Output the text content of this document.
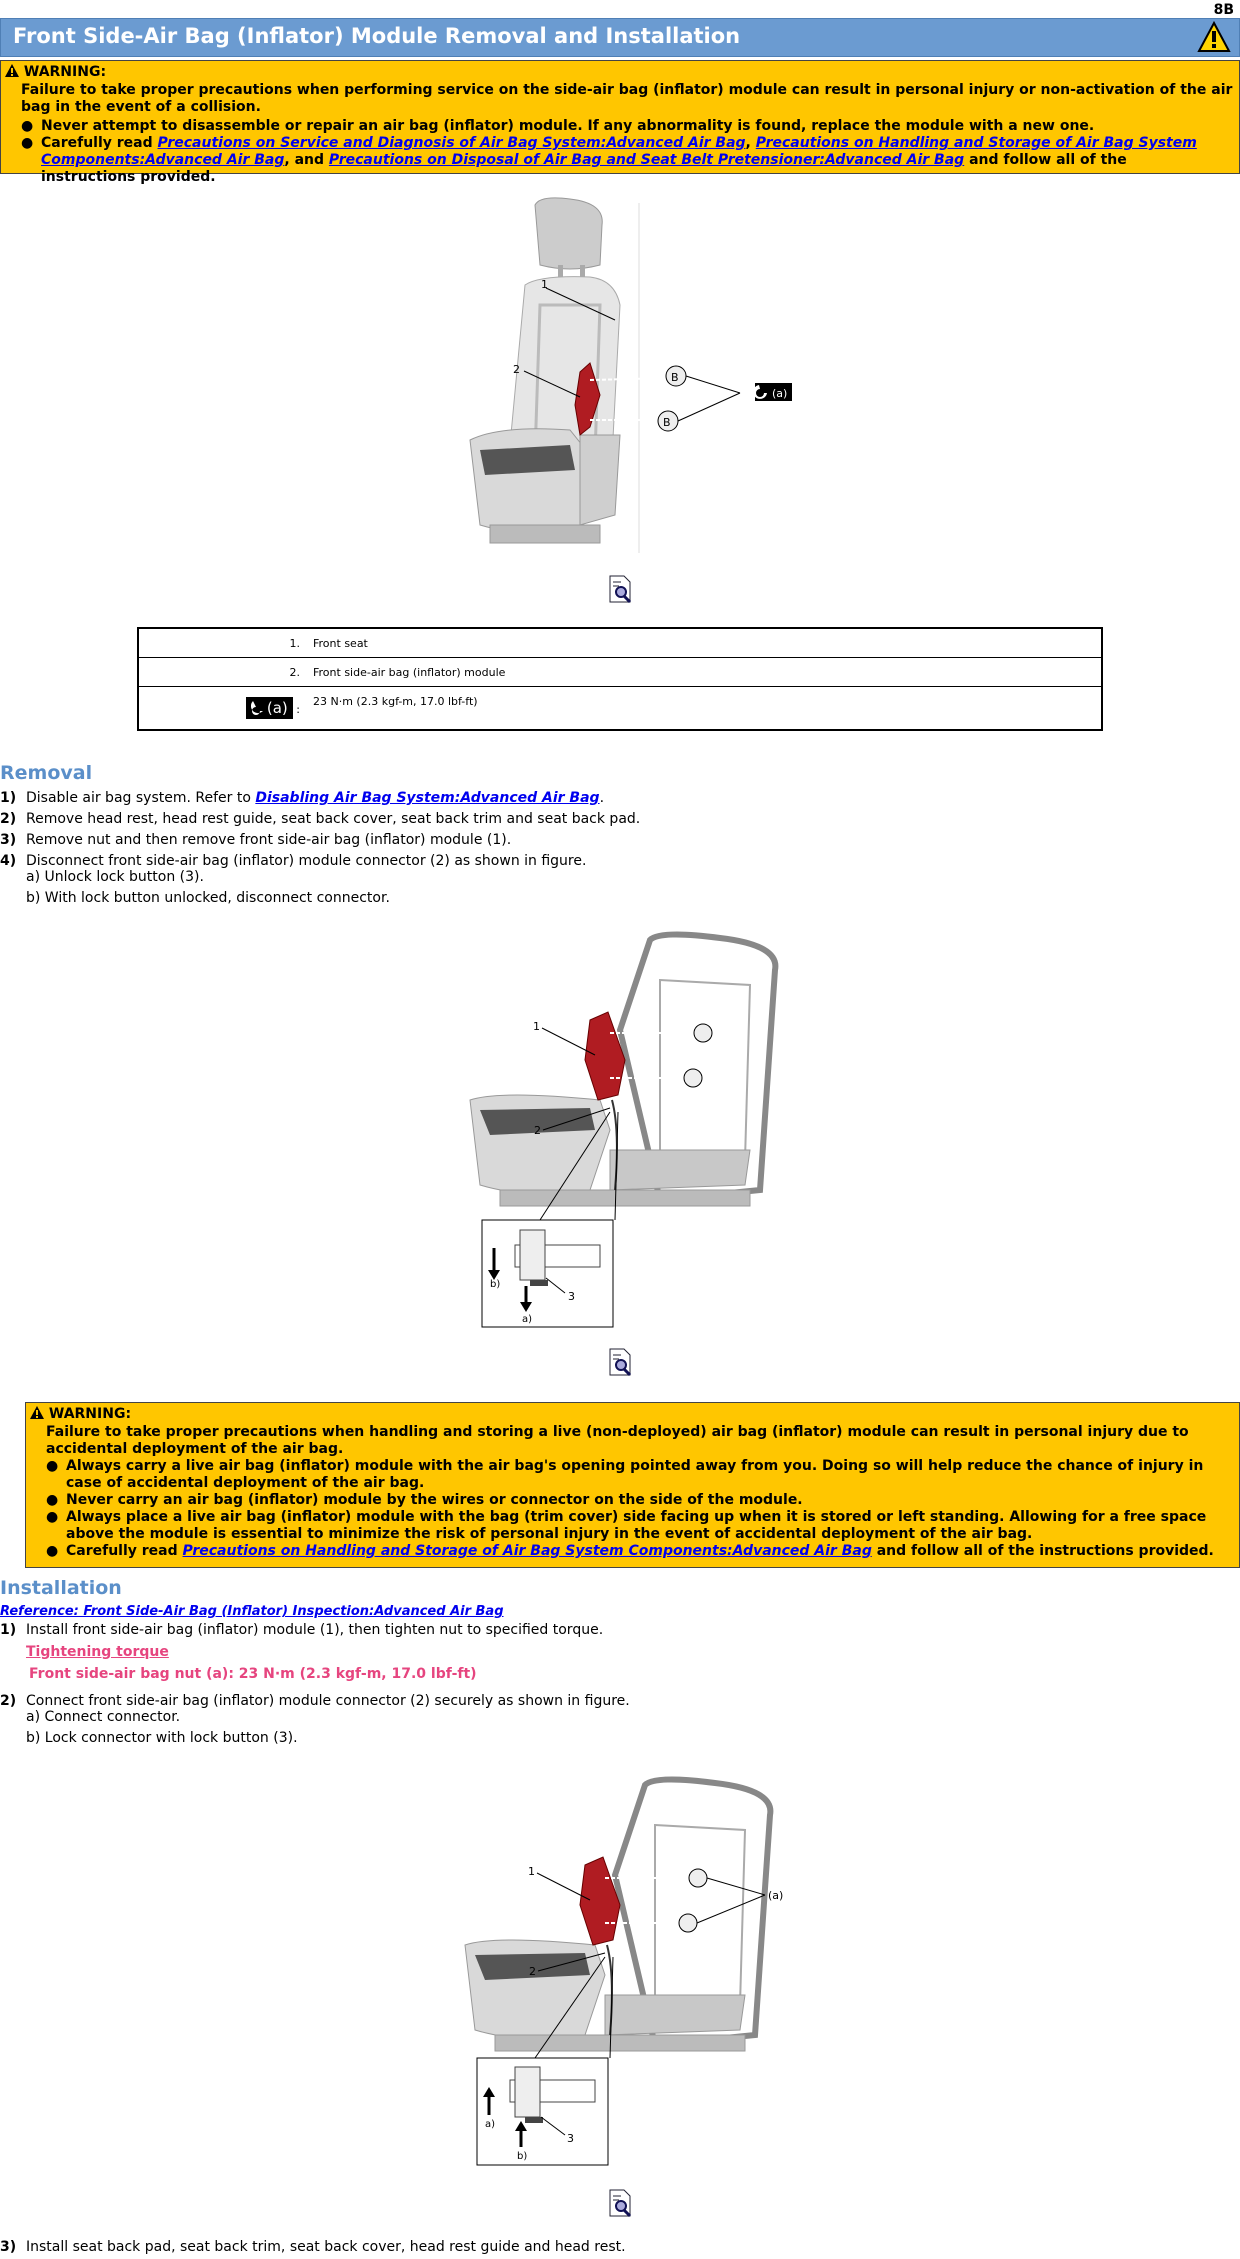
8B
Front Side-Air Bag (Inflator) Module Removal and Installation
WARNING:
Failure to take proper precautions when performing service on the side-air bag (inflator) module can result in personal injury or non-activation of the air bag in the event of a collision.
● Never attempt to disassemble or repair an air bag (inflator) module. If any abnormality is found, replace the module with a new one.
● Carefully read Precautions on Service and Diagnosis of Air Bag System:Advanced Air Bag, Precautions on Handling and Storage of Air Bag System Components:Advanced Air Bag, and Precautions on Disposal of Air Bag and Seat Belt Pretensioner:Advanced Air Bag and follow all of the instructions provided.
B
B
1
2
(a)
1.	Front seat
2.	Front side-air bag (inflator) module
(a) :	23 N·m (2.3 kgf-m, 17.0 lbf-ft)
Removal
1) Disable air bag system. Refer to Disabling Air Bag System:Advanced Air Bag.
2) Remove head rest, head rest guide, seat back cover, seat back trim and seat back pad.
3) Remove nut and then remove front side-air bag (inflator) module (1).
4) Disconnect front side-air bag (inflator) module connector (2) as shown in figure.
a) Unlock lock button (3).
b) With lock button unlocked, disconnect connector.
1
2
3
b)
a)
WARNING:
Failure to take proper precautions when handling and storing a live (non-deployed) air bag (inflator) module can result in personal injury due to accidental deployment of the air bag.
● Always carry a live air bag (inflator) module with the air bag's opening pointed away from you. Doing so will help reduce the chance of injury in case of accidental deployment of the air bag.
● Never carry an air bag (inflator) module by the wires or connector on the side of the module.
● Always place a live air bag (inflator) module with the bag (trim cover) side facing up when it is stored or left standing. Allowing for a free space above the module is essential to minimize the risk of personal injury in the event of accidental deployment of the air bag.
● Carefully read Precautions on Handling and Storage of Air Bag System Components:Advanced Air Bag and follow all of the instructions provided.
Installation
Reference: Front Side-Air Bag (Inflator) Inspection:Advanced Air Bag
1) Install front side-air bag (inflator) module (1), then tighten nut to specified torque.
Tightening torque
Front side-air bag nut (a): 23 N·m (2.3 kgf-m, 17.0 lbf-ft)
2) Connect front side-air bag (inflator) module connector (2) securely as shown in figure.
a) Connect connector.
b) Lock connector with lock button (3).
(a)
1
2
3
a)
b)
3) Install seat back pad, seat back trim, seat back cover, head rest guide and head rest.
